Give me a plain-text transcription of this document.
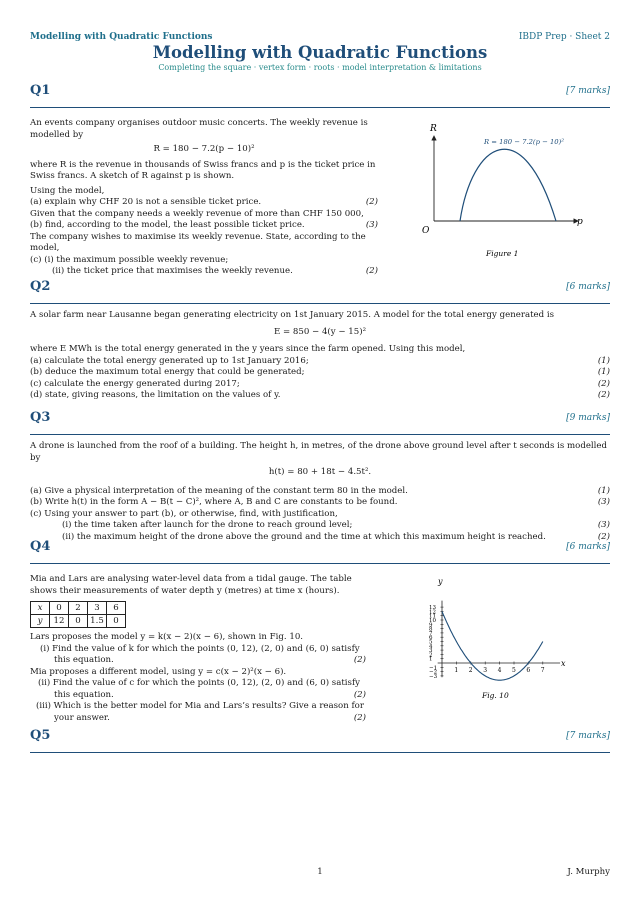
Modelling with Quadratic Functions	IBDP Prep · Sheet 2
Modelling with Quadratic Functions
Completing the square · vertex form · roots · model interpretation & limitations
Q1	[7 marks]
An events company organises outdoor music concerts. The weekly revenue is modelled by
R = 180 − 7.2(p − 10)²
where R is the revenue in thousands of Swiss francs and p is the ticket price in Swiss francs. A sketch of R against p is shown.
Using the model,
(a) explain why CHF 20 is not a sensible ticket price.	(2)
Given that the company needs a weekly revenue of more than CHF 150 000,
(b) find, according to the model, the least possible ticket price.	(3)
The company wishes to maximise its weekly revenue. State, according to the model,
(c) (i) the maximum possible weekly revenue;
(ii) the ticket price that maximises the weekly revenue.	(2)
R
p
O
R = 180 − 7.2(p − 10)²
Figure 1
Q2	[6 marks]
A solar farm near Lausanne began generating electricity on 1st January 2015. A model for the total energy generated is
E = 850 − 4(y − 15)²
where E MWh is the total energy generated in the y years since the farm opened. Using this model,
(a) calculate the total energy generated up to 1st January 2016;	(1)
(b) deduce the maximum total energy that could be generated;	(1)
(c) calculate the energy generated during 2017;	(2)
(d) state, giving reasons, the limitation on the values of y.	(2)
Q3	[9 marks]
A drone is launched from the roof of a building. The height h, in metres, of the drone above ground level after t seconds is modelled by
h(t) = 80 + 18t − 4.5t².
(a) Give a physical interpretation of the meaning of the constant term 80 in the model.	(1)
(b) Write h(t) in the form A − B(t − C)², where A, B and C are constants to be found.	(3)
(c) Using your answer to part (b), or otherwise, find, with justification,
(i) the time taken after launch for the drone to reach ground level;	(3)
(ii) the maximum height of the drone above the ground and the time at which this maximum height is reached.	(2)
Q4	[6 marks]
Mia and Lars are analysing water-level data from a tidal gauge. The table shows their measurements of water depth y (metres) at time x (hours).
x	0	2	3	6
y	12	0	1.5	0
Lars proposes the model y = k(x − 2)(x − 6), shown in Fig. 10.
(i) Find the value of k for which the points (0, 12), (2, 0) and (6, 0) satisfy
this equation.	(2)
Mia proposes a different model, using y = c(x − 2)²(x − 6).
(ii) Find the value of c for which the points (0, 12), (2, 0) and (6, 0) satisfy
this equation.	(2)
(iii) Which is the better model for Mia and Lars’s results? Give a reason for
your answer.	(2)
1 2 3 4 5 6 7
13
12
11
10
9
8
7
6
5
4
3
2
1
−1
−2
−3
y
x
Fig. 10
Q5	[7 marks]
1	J. Murphy
